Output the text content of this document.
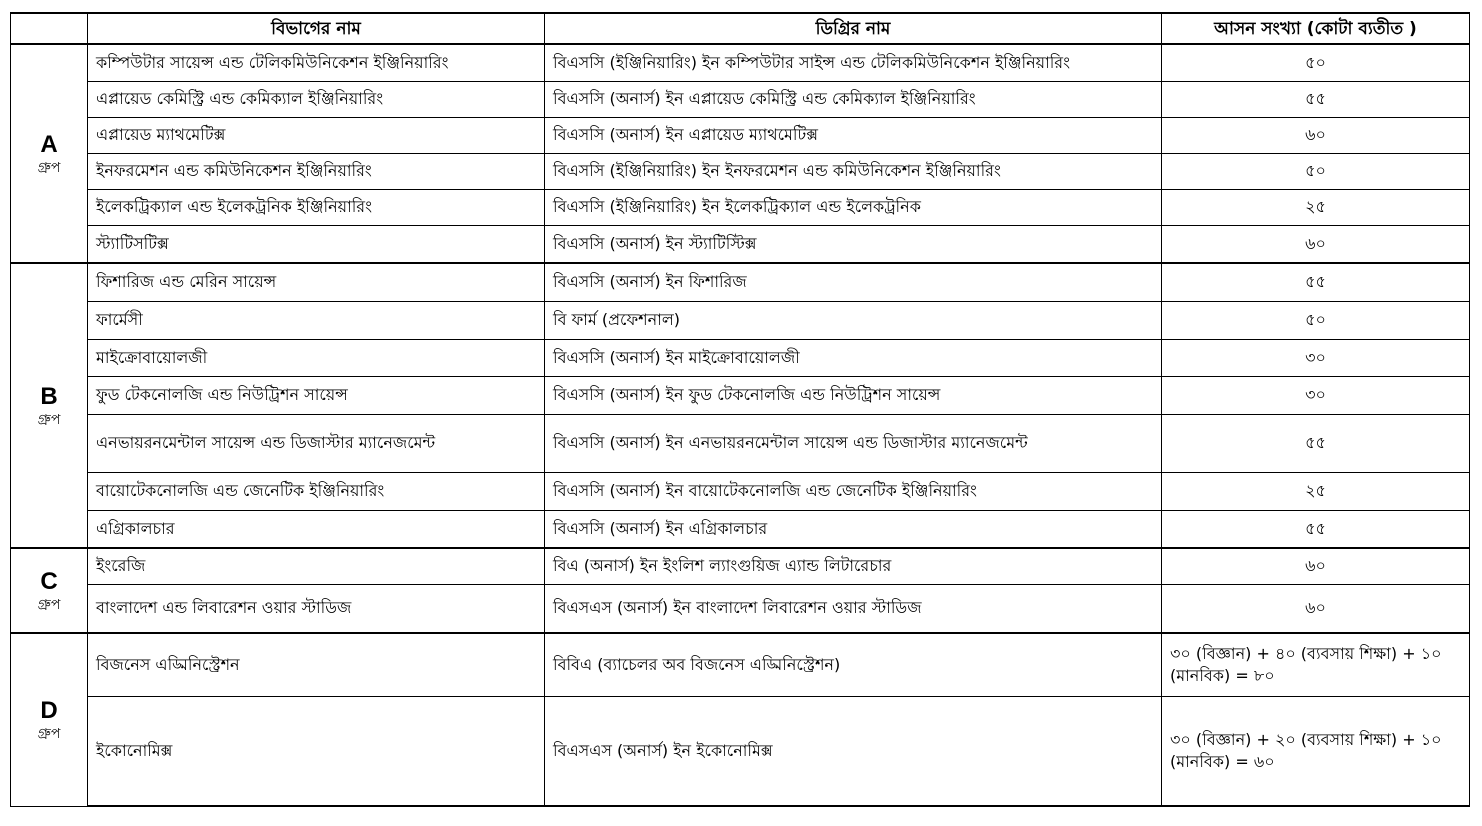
	বিভাগের নাম	ডিগ্রির নাম	আসন সংখ্যা (কোটা ব্যতীত )

A
গ্রুপ	কম্পিউটার সায়েন্স এন্ড টেলিকমিউনিকেশন ইঞ্জিনিয়ারিং	বিএসসি (ইঞ্জিনিয়ারিং) ইন কম্পিউটার সাইন্স এন্ড টেলিকমিউনিকেশন ইঞ্জিনিয়ারিং	৫০
	এপ্লায়েড কেমিস্ট্রি এন্ড কেমিক্যাল ইঞ্জিনিয়ারিং	বিএসসি (অনার্স) ইন এপ্লায়েড কেমিস্ট্রি এন্ড কেমিক্যাল ইঞ্জিনিয়ারিং	৫৫
	এপ্লায়েড ম্যাথমেটিক্স	বিএসসি (অনার্স) ইন এপ্লায়েড ম্যাথমেটিক্স	৬০
	ইনফরমেশন এন্ড কমিউনিকেশন ইঞ্জিনিয়ারিং	বিএসসি (ইঞ্জিনিয়ারিং) ইন ইনফরমেশন এন্ড কমিউনিকেশন ইঞ্জিনিয়ারিং	৫০
	ইলেকট্রিক্যাল এন্ড ইলেকট্রনিক ইঞ্জিনিয়ারিং	বিএসসি (ইঞ্জিনিয়ারিং) ইন ইলেকট্রিক্যাল এন্ড ইলেকট্রনিক	২৫
	স্ট্যাটিসটিক্স	বিএসসি (অনার্স) ইন স্ট্যাটিস্টিক্স	৬০

B
গ্রুপ	ফিশারিজ এন্ড মেরিন সায়েন্স	বিএসসি (অনার্স) ইন ফিশারিজ	৫৫
	ফার্মেসী	বি ফার্ম (প্রফেশনাল)	৫০
	মাইক্রোবায়োলজী	বিএসসি (অনার্স) ইন মাইক্রোবায়োলজী	৩০
	ফুড টেকনোলজি এন্ড নিউট্রিশন সায়েন্স	বিএসসি (অনার্স) ইন ফুড টেকনোলজি এন্ড নিউট্রিশন সায়েন্স	৩০
	এনভায়রনমেন্টাল সায়েন্স এন্ড ডিজাস্টার ম্যানেজমেন্ট	বিএসসি (অনার্স) ইন এনভায়রনমেন্টাল সায়েন্স এন্ড ডিজাস্টার ম্যানেজমেন্ট	৫৫
	বায়োটেকনোলজি এন্ড জেনেটিক ইঞ্জিনিয়ারিং	বিএসসি (অনার্স) ইন বায়োটেকনোলজি এন্ড জেনেটিক ইঞ্জিনিয়ারিং	২৫
	এগ্রিকালচার	বিএসসি (অনার্স) ইন এগ্রিকালচার	৫৫

C
গ্রুপ	ইংরেজি	বিএ (অনার্স) ইন ইংলিশ ল্যাংগুয়িজ এ্যান্ড লিটারেচার	৬০
	বাংলাদেশ এন্ড লিবারেশন ওয়ার স্টাডিজ	বিএসএস (অনার্স) ইন বাংলাদেশ লিবারেশন ওয়ার স্টাডিজ	৬০

D
গ্রুপ	বিজনেস এড্মিনিস্ট্রেশন	বিবিএ (ব্যাচেলর অব বিজনেস এড্মিনিস্ট্রেশন)	৩০ (বিজ্ঞান) + ৪০ (ব্যবসায় শিক্ষা) + ১০ (মানবিক) = ৮০
	ইকোনোমিক্স	বিএসএস (অনার্স) ইন ইকোনোমিক্স	৩০ (বিজ্ঞান) + ২০ (ব্যবসায় শিক্ষা) + ১০ (মানবিক) = ৬০
